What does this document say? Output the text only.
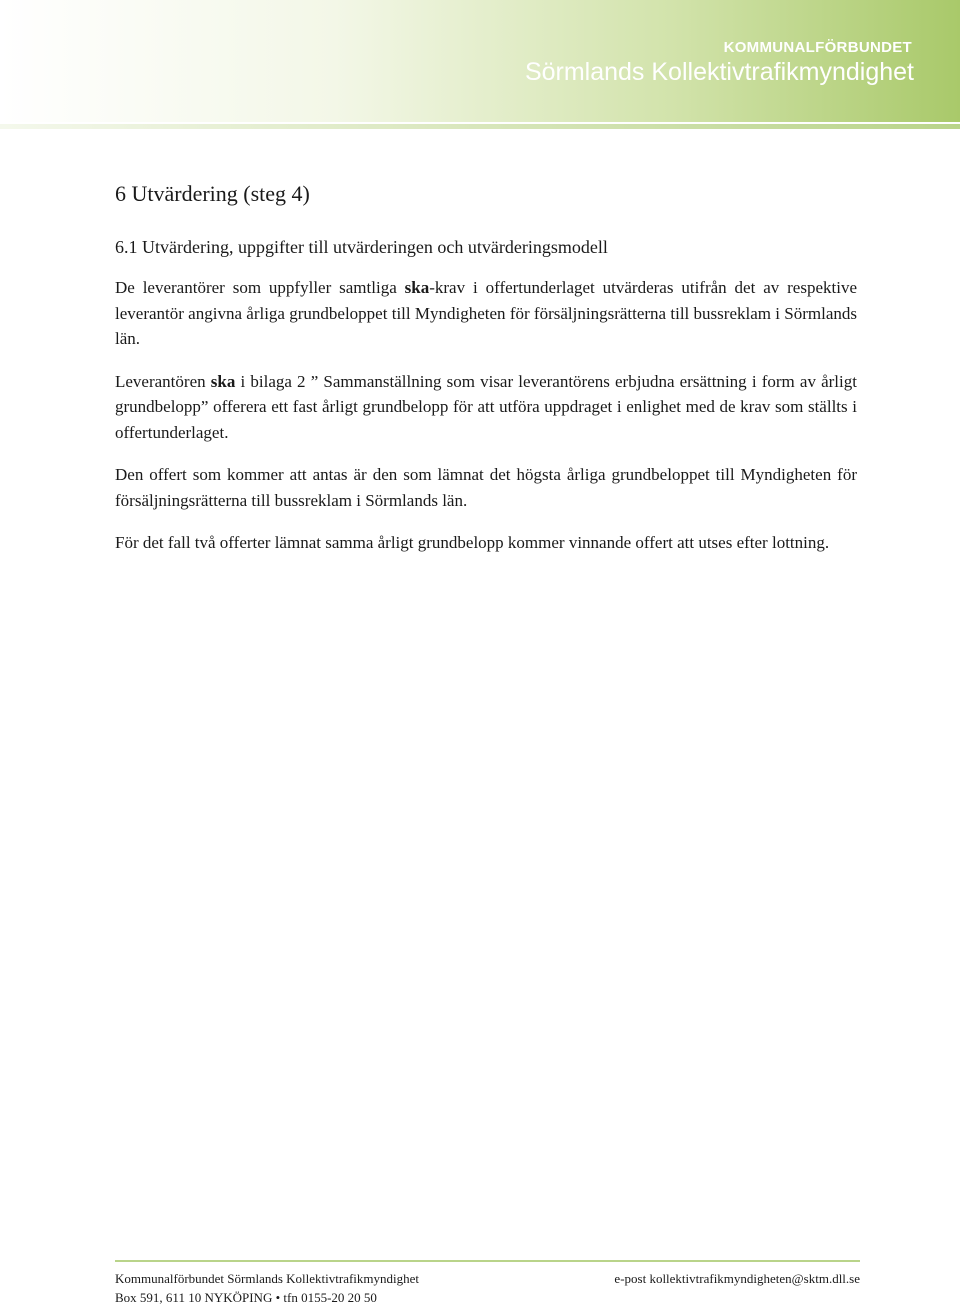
KOMMUNALFÖRBUNDET
Sörmlands Kollektivtrafikmyndighet
6 Utvärdering (steg 4)
6.1 Utvärdering, uppgifter till utvärderingen och utvärderingsmodell

De leverantörer som uppfyller samtliga ska-krav i offertunderlaget utvärderas utifrån det av respektive leverantör angivna årliga grundbeloppet till Myndigheten för försäljningsrätterna till bussreklam i Sörmlands län.

Leverantören ska i bilaga 2 ” Sammanställning som visar leverantörens erbjudna ersättning i form av årligt grundbelopp” offerera ett fast årligt grundbelopp för att utföra uppdraget i enlighet med de krav som ställts i offertunderlaget.

Den offert som kommer att antas är den som lämnat det högsta årliga grundbeloppet till Myndigheten för försäljningsrätterna till bussreklam i Sörmlands län.

För det fall två offerter lämnat samma årligt grundbelopp kommer vinnande offert att utses efter lottning.

Kommunalförbundet Sörmlands Kollektivtrafikmyndighet	e-post kollektivtrafikmyndigheten@sktm.dll.se
Box 591, 611 10 NYKÖPING • tfn 0155-20 20 50
